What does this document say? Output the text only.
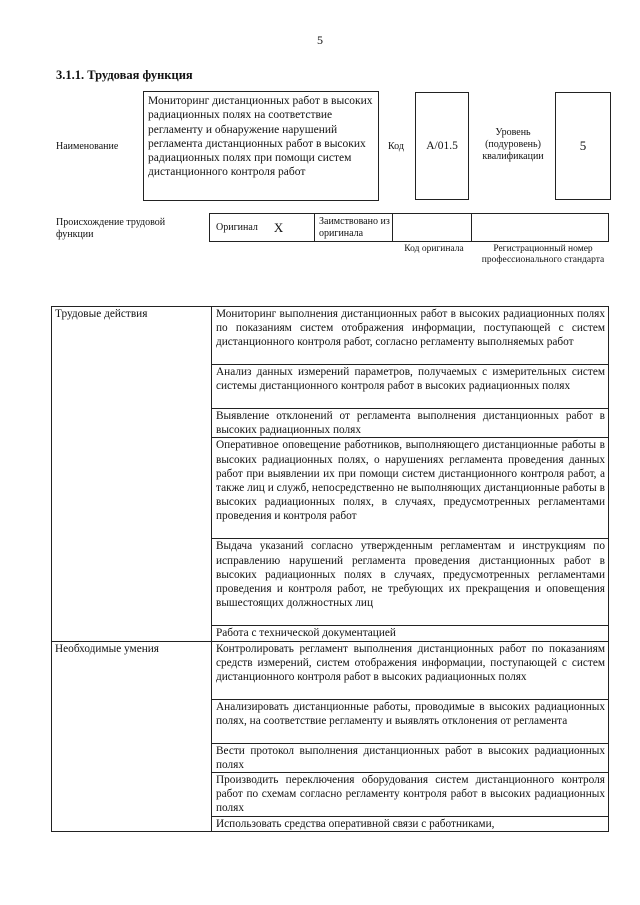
5
3.1.1. Трудовая функция
Наименование
Мониторинг дистанционных работ в высоких радиационных полях на соответствие регламенту и обнаружение нарушений регламента дистанционных работ в высоких радиационных полях при помощи систем дистанционного контроля работ
Код	A/01.5
Уровень (подуровень) квалификации
5
Происхождение трудовой функции
Оригинал X	Заимствовано из оригинала
Код оригинала	Регистрационный номер профессионального стандарта
Трудовые действия	Мониторинг выполнения дистанционных работ в высоких радиационных полях по показаниям систем отображения информации, поступающей с систем дистанционного контроля работ, согласно регламенту выполняемых работ
	Анализ данных измерений параметров, получаемых с измерительных систем системы дистанционного контроля работ в высоких радиационных полях
	Выявление отклонений от регламента выполнения дистанционных работ в высоких радиационных полях
	Оперативное оповещение работников, выполняющего дистанционные работы в высоких радиационных полях, о нарушениях регламента проведения данных работ при выявлении их при помощи систем дистанционного контроля работ, а также лиц и служб, непосредственно не выполняющих дистанционные работы в высоких радиационных полях, в случаях, предусмотренных регламентами проведения и контроля работ
	Выдача указаний согласно утвержденным регламентам и инструкциям по исправлению нарушений регламента проведения дистанционных работ в высоких радиационных полях в случаях, предусмотренных регламентами проведения и контроля работ, не требующих их прекращения и оповещения вышестоящих должностных лиц
	Работа с технической документацией
Необходимые умения	Контролировать регламент выполнения дистанционных работ по показаниям средств измерений, систем отображения информации, поступающей с систем дистанционного контроля работ в высоких радиационных полях
	Анализировать дистанционные работы, проводимые в высоких радиационных полях, на соответствие регламенту и выявлять отклонения от регламента
	Вести протокол выполнения дистанционных работ в высоких радиационных полях
	Производить переключения оборудования систем дистанционного контроля работ по схемам согласно регламенту контроля работ в высоких радиационных полях
	Использовать средства оперативной связи с работниками,
